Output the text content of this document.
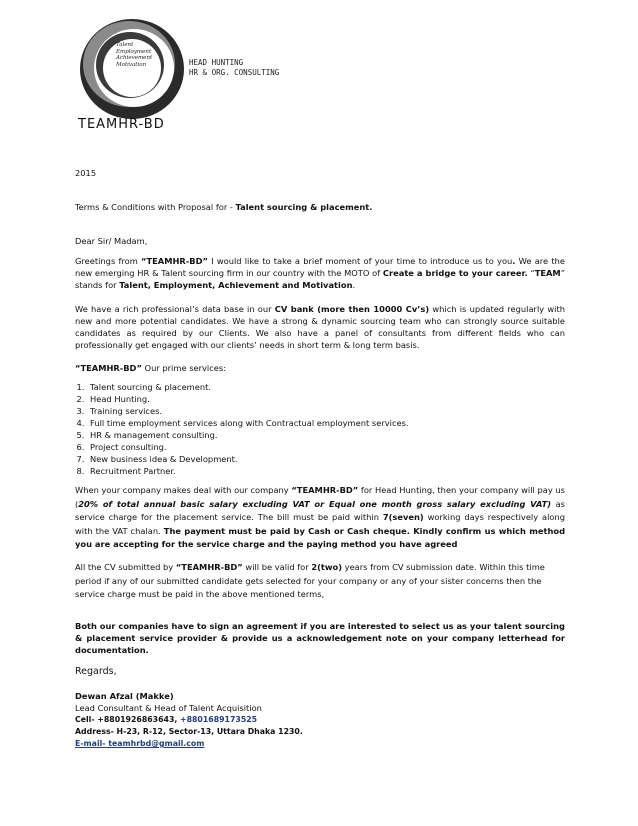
Talent
Employment
Achievement
Motivation	HEAD HUNTING
HR & ORG. CONSULTING
TEAMHR-BD
2015
Terms & Conditions with Proposal for - Talent sourcing & placement.
Dear Sir/ Madam,
Greetings from “TEAMHR-BD” I would like to take a brief moment of your time to introduce us to you. We are the new emerging HR & Talent sourcing firm in our country with the MOTO of Create a bridge to your career. “TEAM” stands for Talent, Employment, Achievement and Motivation.
We have a rich professional’s data base in our CV bank (more then 10000 Cv’s) which is updated regularly with new and more potential candidates. We have a strong & dynamic sourcing team who can strongly source suitable candidates as required by our Clients. We also have a panel of consultants from different fields who can professionally get engaged with our clients’ needs in short term & long term basis.
“TEAMHR-BD” Our prime services:
1. Talent sourcing & placement.
2. Head Hunting.
3. Training services.
4. Full time employment services along with Contractual employment services.
5. HR & management consulting.
6. Project consulting.
7. New business idea & Development.
8. Recruitment Partner.
When your company makes deal with our company “TEAMHR-BD” for Head Hunting, then your company will pay us (20% of total annual basic salary excluding VAT or Equal one month gross salary excluding VAT) as service charge for the placement service. The bill must be paid within 7(seven) working days respectively along with the VAT chalan. The payment must be paid by Cash or Cash cheque. Kindly confirm us which method you are accepting for the service charge and the paying method you have agreed
All the CV submitted by “TEAMHR-BD” will be valid for 2(two) years from CV submission date. Within this time period if any of our submitted candidate gets selected for your company or any of your sister concerns then the service charge must be paid in the above mentioned terms,
Both our companies have to sign an agreement if you are interested to select us as your talent sourcing & placement service provider & provide us a acknowledgement note on your company letterhead for documentation.
Regards,
Dewan Afzal (Makke)
Lead Consultant & Head of Talent Acquisition
Cell- +8801926863643, +8801689173525
Address- H-23, R-12, Sector-13, Uttara Dhaka 1230.
E-mail- teamhrbd@gmail.com
